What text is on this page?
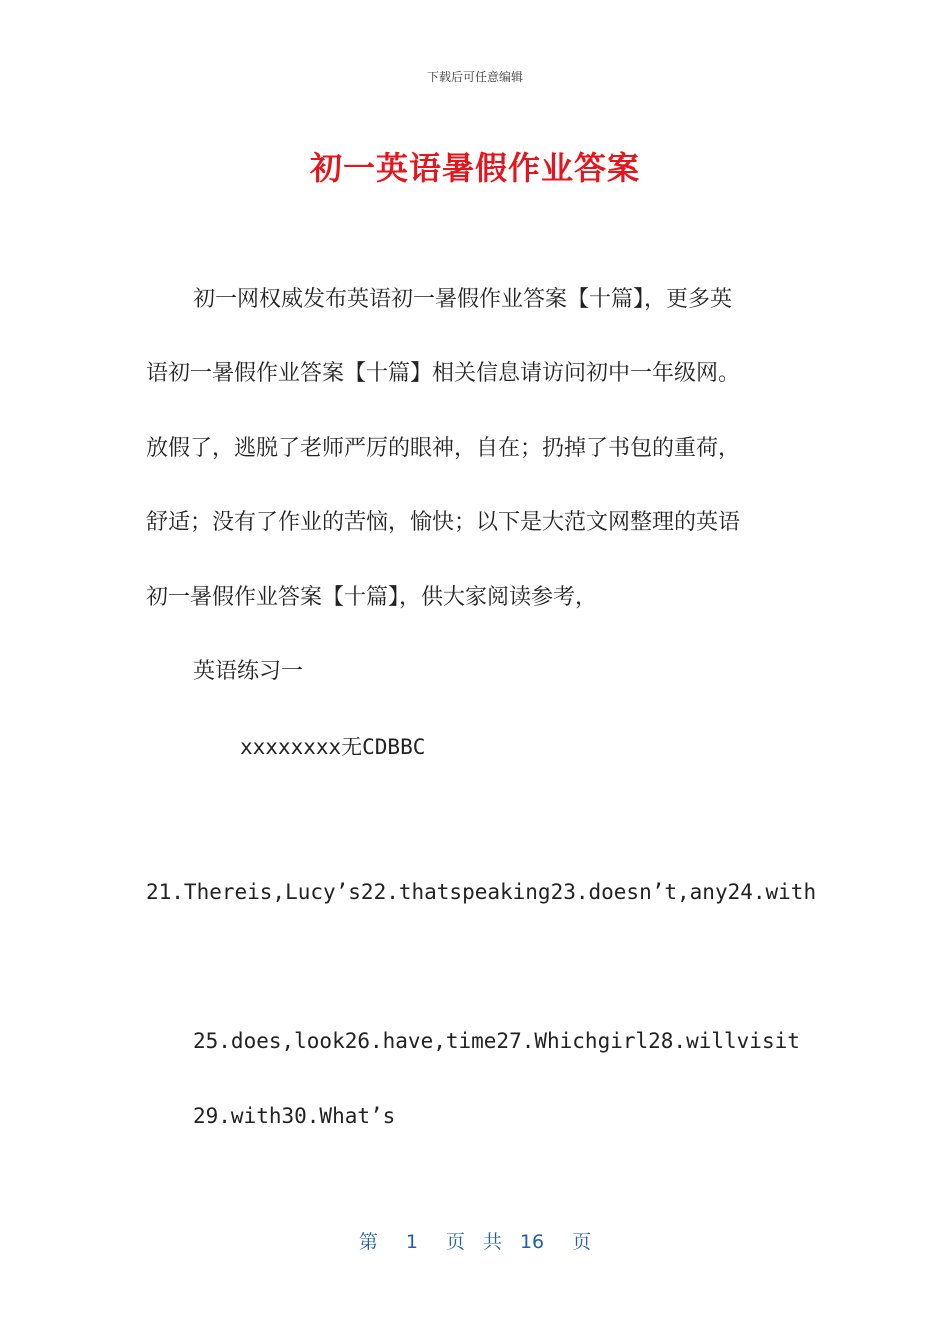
下载后可任意编辑
初一英语暑假作业答案
初一网权威发布英语初一暑假作业答案【十篇】，更多英
语初一暑假作业答案【十篇】相关信息请访问初中一年级网。
放假了，逃脱了老师严厉的眼神，自在；扔掉了书包的重荷，
舒适；没有了作业的苦恼，愉快；以下是大范文网整理的英语
初一暑假作业答案【十篇】，供大家阅读参考，
英语练习一
xxxxxxxx无CDBBC
21.Thereis,Lucy’s22.thatspeaking23.doesn’t,any24.with
25.does,look26.have,time27.Whichgirl28.willvisit
29.with30.What’s
第 1 页 共 16 页
